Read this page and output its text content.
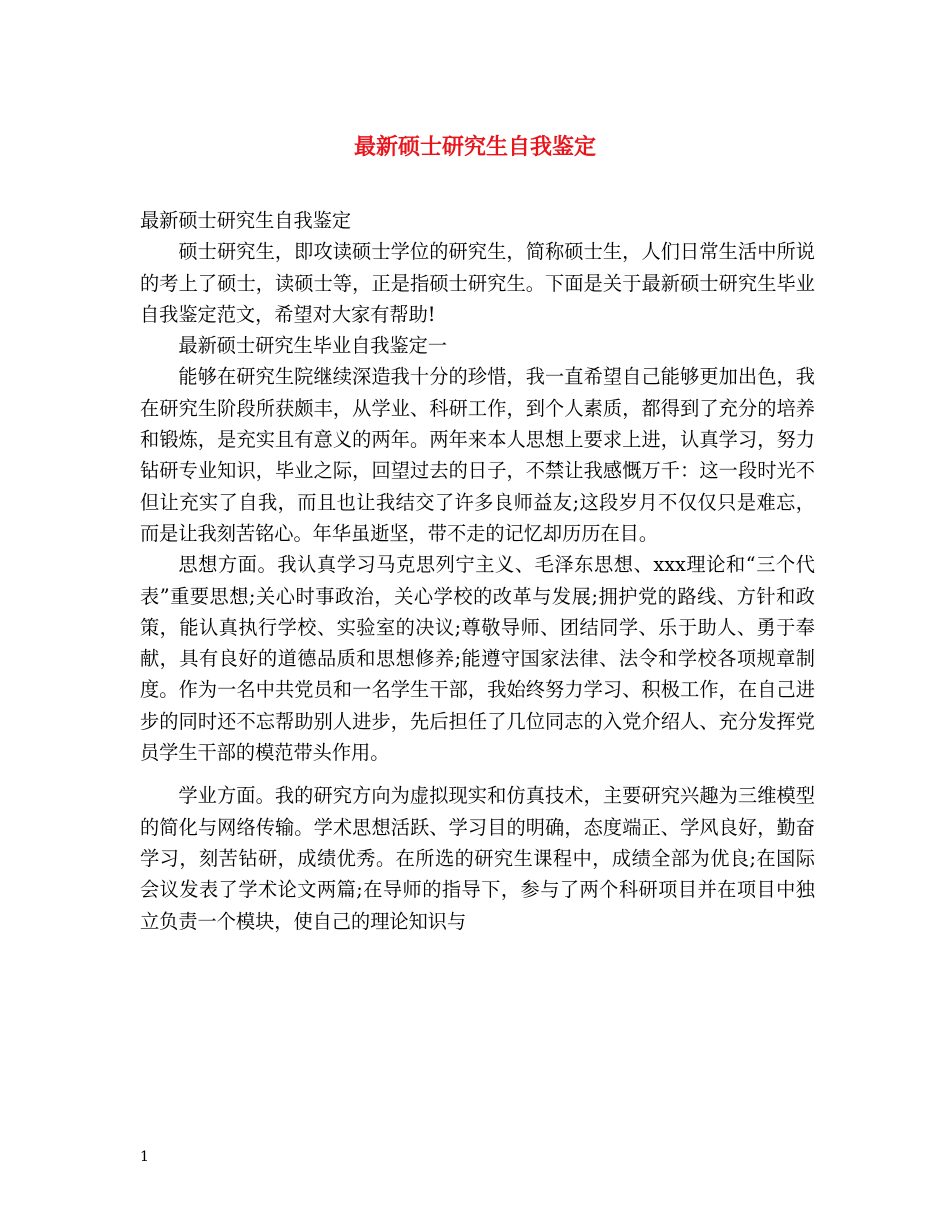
最新硕士研究生自我鉴定

最新硕士研究生自我鉴定

硕士研究生，即攻读硕士学位的研究生，简称硕士生，人们日常生活中所说的考上了硕士，读硕士等，正是指硕士研究生。下面是关于最新硕士研究生毕业自我鉴定范文，希望对大家有帮助!

最新硕士研究生毕业自我鉴定一

能够在研究生院继续深造我十分的珍惜，我一直希望自己能够更加出色，我在研究生阶段所获颇丰，从学业、科研工作，到个人素质，都得到了充分的培养和锻炼，是充实且有意义的两年。两年来本人思想上要求上进，认真学习，努力钻研专业知识，毕业之际，回望过去的日子，不禁让我感慨万千：这一段时光不但让充实了自我，而且也让我结交了许多良师益友;这段岁月不仅仅只是难忘，而是让我刻苦铭心。年华虽逝坚，带不走的记忆却历历在目。

思想方面。我认真学习马克思列宁主义、毛泽东思想、xxx理论和“三个代表”重要思想;关心时事政治，关心学校的改革与发展;拥护党的路线、方针和政策，能认真执行学校、实验室的决议;尊敬导师、团结同学、乐于助人、勇于奉献，具有良好的道德品质和思想修养;能遵守国家法律、法令和学校各项规章制度。作为一名中共党员和一名学生干部，我始终努力学习、积极工作，在自己进步的同时还不忘帮助别人进步，先后担任了几位同志的入党介绍人、充分发挥党员学生干部的模范带头作用。

学业方面。我的研究方向为虚拟现实和仿真技术，主要研究兴趣为三维模型的简化与网络传输。学术思想活跃、学习目的明确，态度端正、学风良好，勤奋学习，刻苦钻研，成绩优秀。在所选的研究生课程中，成绩全部为优良;在国际会议发表了学术论文两篇;在导师的指导下，参与了两个科研项目并在项目中独立负责一个模块，使自己的理论知识与

1
